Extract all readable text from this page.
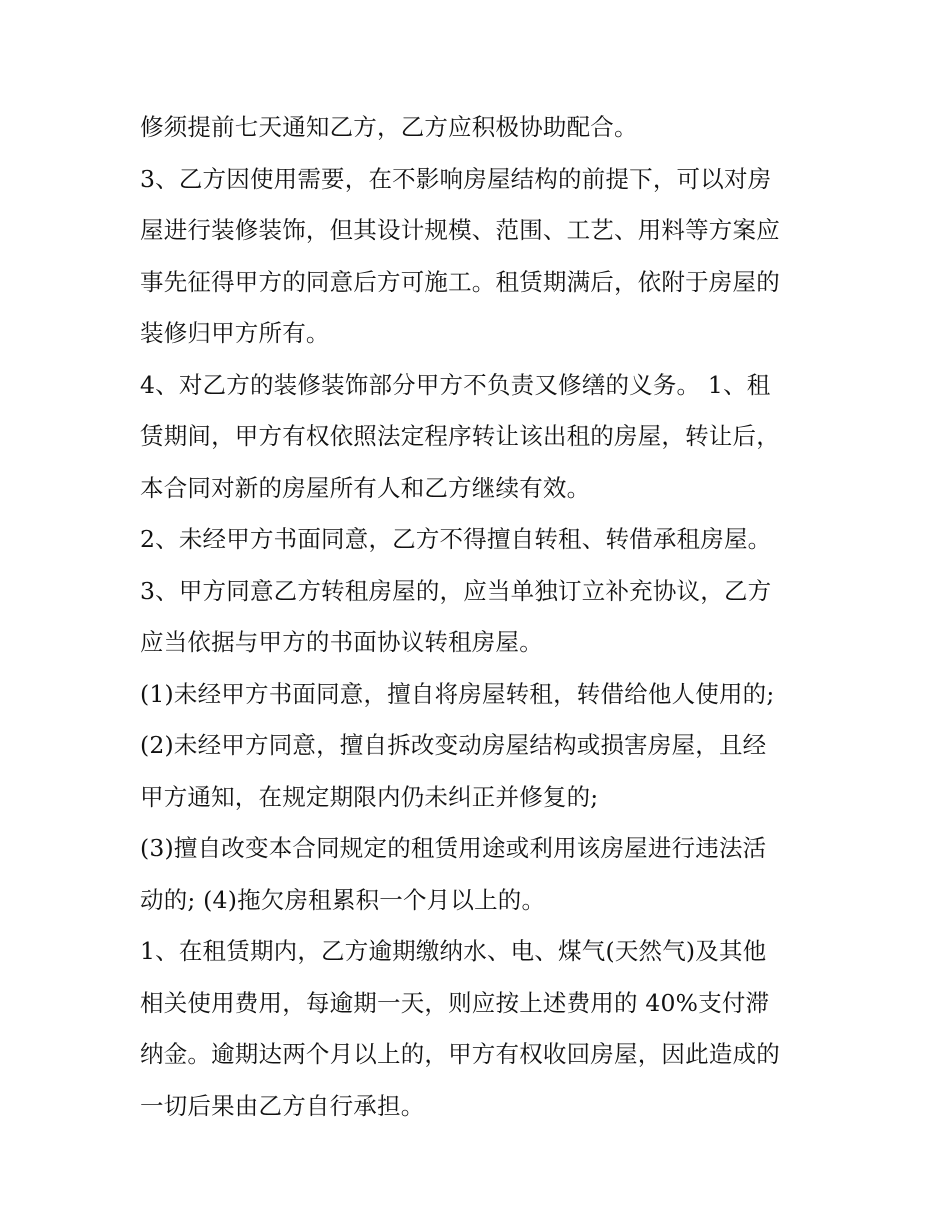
修须提前七天通知乙方，乙方应积极协助配合。
3、乙方因使用需要，在不影响房屋结构的前提下，可以对房
屋进行装修装饰，但其设计规模、范围、工艺、用料等方案应
事先征得甲方的同意后方可施工。租赁期满后，依附于房屋的
装修归甲方所有。
4、对乙方的装修装饰部分甲方不负责又修缮的义务。 1、租
赁期间，甲方有权依照法定程序转让该出租的房屋，转让后，
本合同对新的房屋所有人和乙方继续有效。
2、未经甲方书面同意，乙方不得擅自转租、转借承租房屋。
3、甲方同意乙方转租房屋的，应当单独订立补充协议，乙方
应当依据与甲方的书面协议转租房屋。
(1)未经甲方书面同意，擅自将房屋转租，转借给他人使用的;
(2)未经甲方同意，擅自拆改变动房屋结构或损害房屋，且经
甲方通知，在规定期限内仍未纠正并修复的;
(3)擅自改变本合同规定的租赁用途或利用该房屋进行违法活
动的; (4)拖欠房租累积一个月以上的。
1、在租赁期内，乙方逾期缴纳水、电、煤气(天然气)及其他
相关使用费用，每逾期一天，则应按上述费用的 40%支付滞
纳金。逾期达两个月以上的，甲方有权收回房屋，因此造成的
一切后果由乙方自行承担。
